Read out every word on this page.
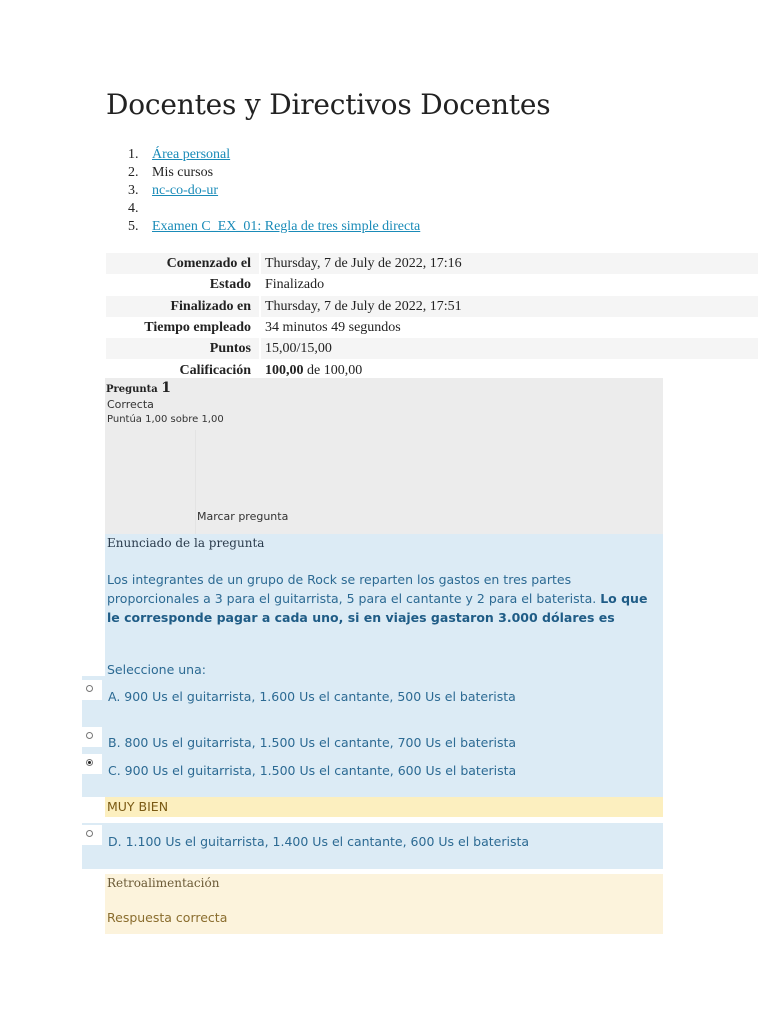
Docentes y Directivos Docentes
1. Área personal
2. Mis cursos
3. nc-co-do-ur
4.
5. Examen C_EX_01: Regla de tres simple directa
Comenzado el	Thursday, 7 de July de 2022, 17:16
Estado	Finalizado
Finalizado en	Thursday, 7 de July de 2022, 17:51
Tiempo empleado	34 minutos 49 segundos
Puntos	15,00/15,00
Calificación	100,00 de 100,00
Pregunta 1
Correcta
Puntúa 1,00 sobre 1,00
Marcar pregunta
Enunciado de la pregunta
Los integrantes de un grupo de Rock se reparten los gastos en tres partes proporcionales a 3 para el guitarrista, 5 para el cantante y 2 para el baterista. Lo que le corresponde pagar a cada uno, si en viajes gastaron 3.000 dólares es
Seleccione una:
A. 900 Us el guitarrista, 1.600 Us el cantante, 500 Us el baterista
B. 800 Us el guitarrista, 1.500 Us el cantante, 700 Us el baterista
C. 900 Us el guitarrista, 1.500 Us el cantante, 600 Us el baterista
MUY BIEN
D. 1.100 Us el guitarrista, 1.400 Us el cantante, 600 Us el baterista
Retroalimentación
Respuesta correcta
